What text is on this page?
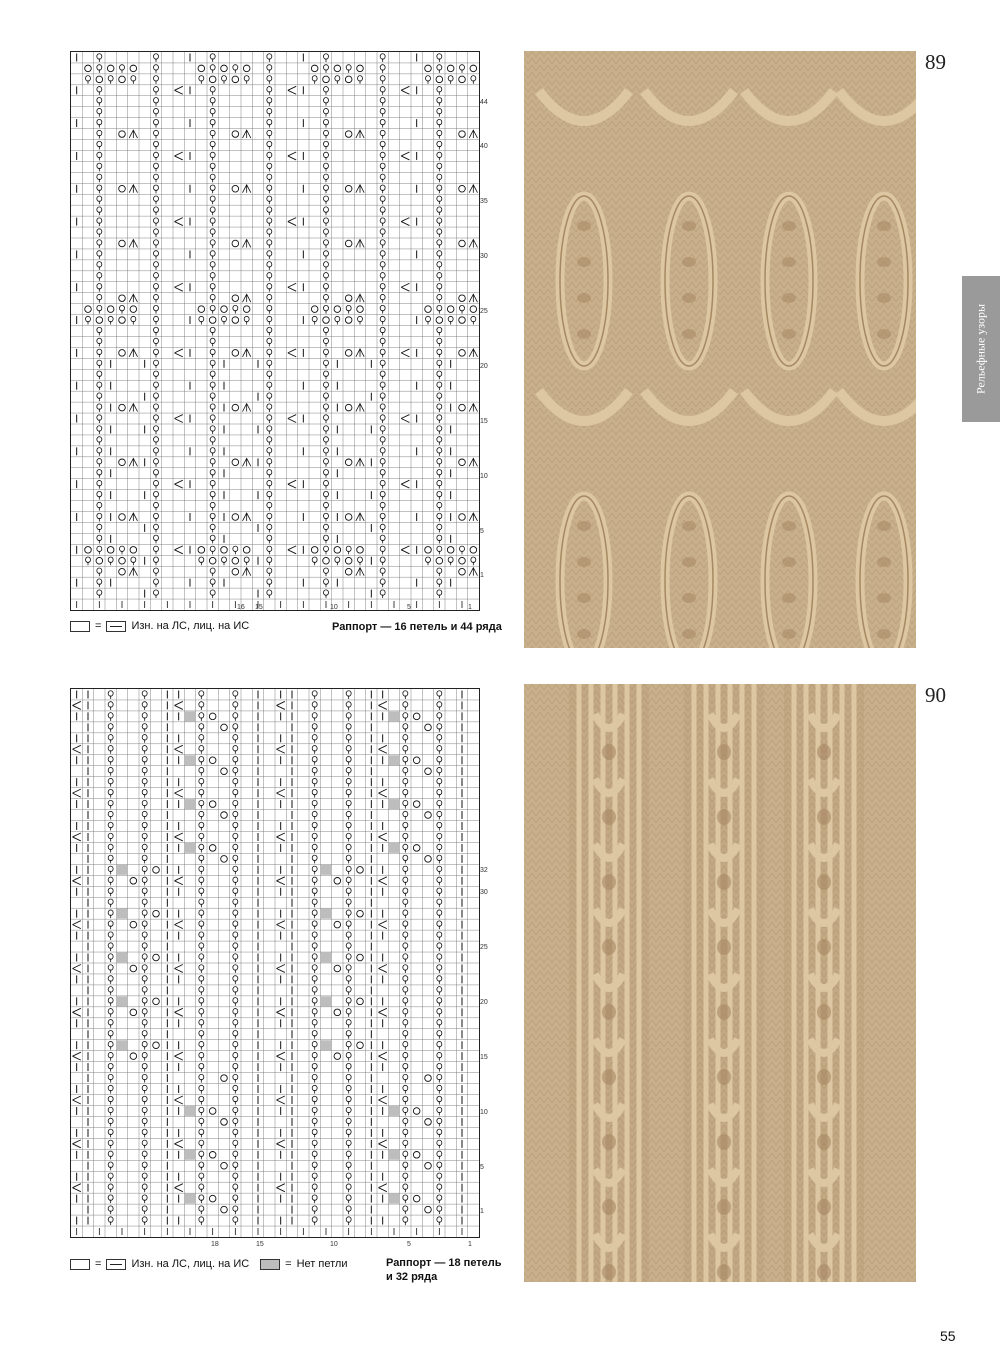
44
40
35
30
25
20
15
10
5
1
16 15	10	5	1
=	Изн. на ЛС, лиц. на ИС	Раппорт — 16 петель и 44 ряда
89
32
30
25
20
15
10
5
1
18	15	10	5	1
=	Изн. на ЛС, лиц. на ИС	= Нет петли	Раппорт — 18 петель
и 32 ряда
90
Рельефные узоры
55
